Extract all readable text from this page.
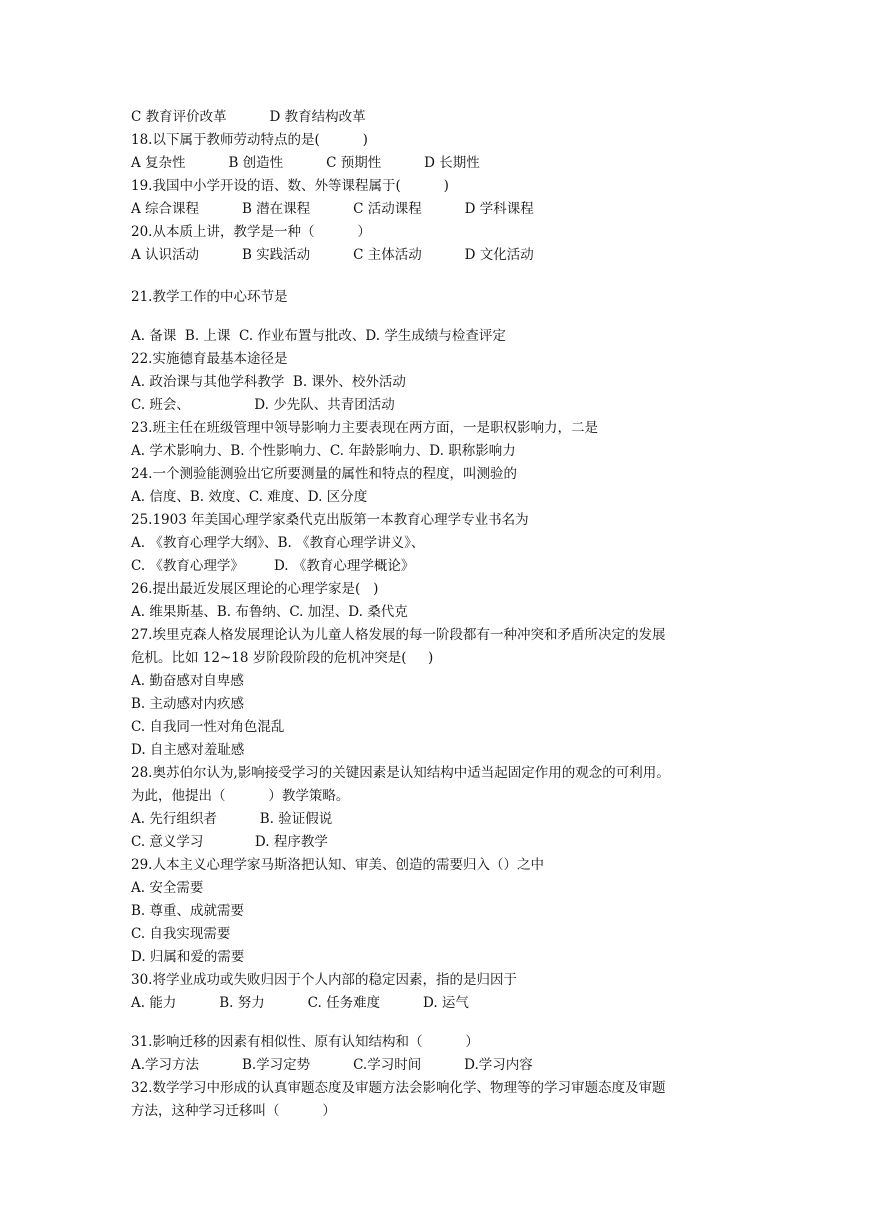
C 教育评价改革          D 教育结构改革
18.以下属于教师劳动特点的是(          )
A 复杂性          B 创造性          C 预期性          D 长期性
19.我国中小学开设的语、数、外等课程属于(          )
A 综合课程          B 潜在课程          C 活动课程          D 学科课程
20.从本质上讲，教学是一种（          ）
A 认识活动          B 实践活动          C 主体活动          D 文化活动
21.教学工作的中心环节是
A. 备课  B. 上课  C. 作业布置与批改、D. 学生成绩与检查评定
22.实施德育最基本途径是
A. 政治课与其他学科教学  B. 课外、校外活动
C. 班会、               D. 少先队、共青团活动
23.班主任在班级管理中领导影响力主要表现在两方面，一是职权影响力，二是
A. 学术影响力、B. 个性影响力、C. 年龄影响力、D. 职称影响力
24.一个测验能测验出它所要测量的属性和特点的程度，叫测验的
A. 信度、B. 效度、C. 难度、D. 区分度
25.1903 年美国心理学家桑代克出版第一本教育心理学专业书名为
A. 《教育心理学大纲》、B. 《教育心理学讲义》、
C. 《教育心理学》       D. 《教育心理学概论》
26.提出最近发展区理论的心理学家是(   )
A. 维果斯基、B. 布鲁纳、C. 加涅、D. 桑代克
27.埃里克森人格发展理论认为儿童人格发展的每一阶段都有一种冲突和矛盾所决定的发展
危机。比如 12~18 岁阶段阶段的危机冲突是(     )
A. 勤奋感对自卑感
B. 主动感对内疚感
C. 自我同一性对角色混乱
D. 自主感对羞耻感
28.奥苏伯尔认为,影响接受学习的关键因素是认知结构中适当起固定作用的观念的可利用。
为此，他提出（          ）教学策略。
A. 先行组织者          B. 验证假说
C. 意义学习            D. 程序教学
29.人本主义心理学家马斯洛把认知、审美、创造的需要归入（）之中
A. 安全需要
B. 尊重、成就需要
C. 自我实现需要
D. 归属和爱的需要
30.将学业成功或失败归因于个人内部的稳定因素，指的是归因于
A. 能力          B. 努力          C. 任务难度          D. 运气
31.影响迁移的因素有相似性、原有认知结构和（          ）
A.学习方法          B.学习定势          C.学习时间          D.学习内容
32.数学学习中形成的认真审题态度及审题方法会影响化学、物理等的学习审题态度及审题
方法，这种学习迁移叫（          ）
